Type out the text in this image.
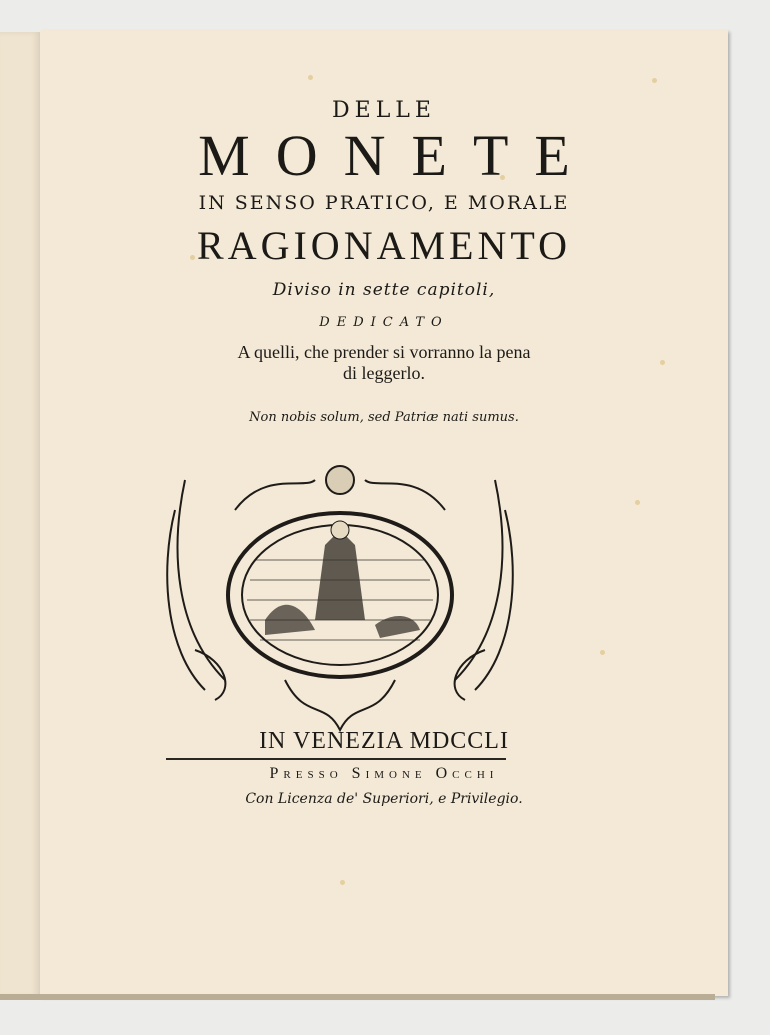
DELLE
MONETE
IN SENSO PRATICO, E MORALE
RAGIONAMENTO
Diviso in sette capitoli,
DEDICATO
A quelli, che prender si vorranno la pena
di leggerlo.
Non nobis solum, sed Patriæ nati sumus.
IN VENEZIA MDCCLI
Presso Simone Occhi
Con Licenza de' Superiori, e Privilegio.
